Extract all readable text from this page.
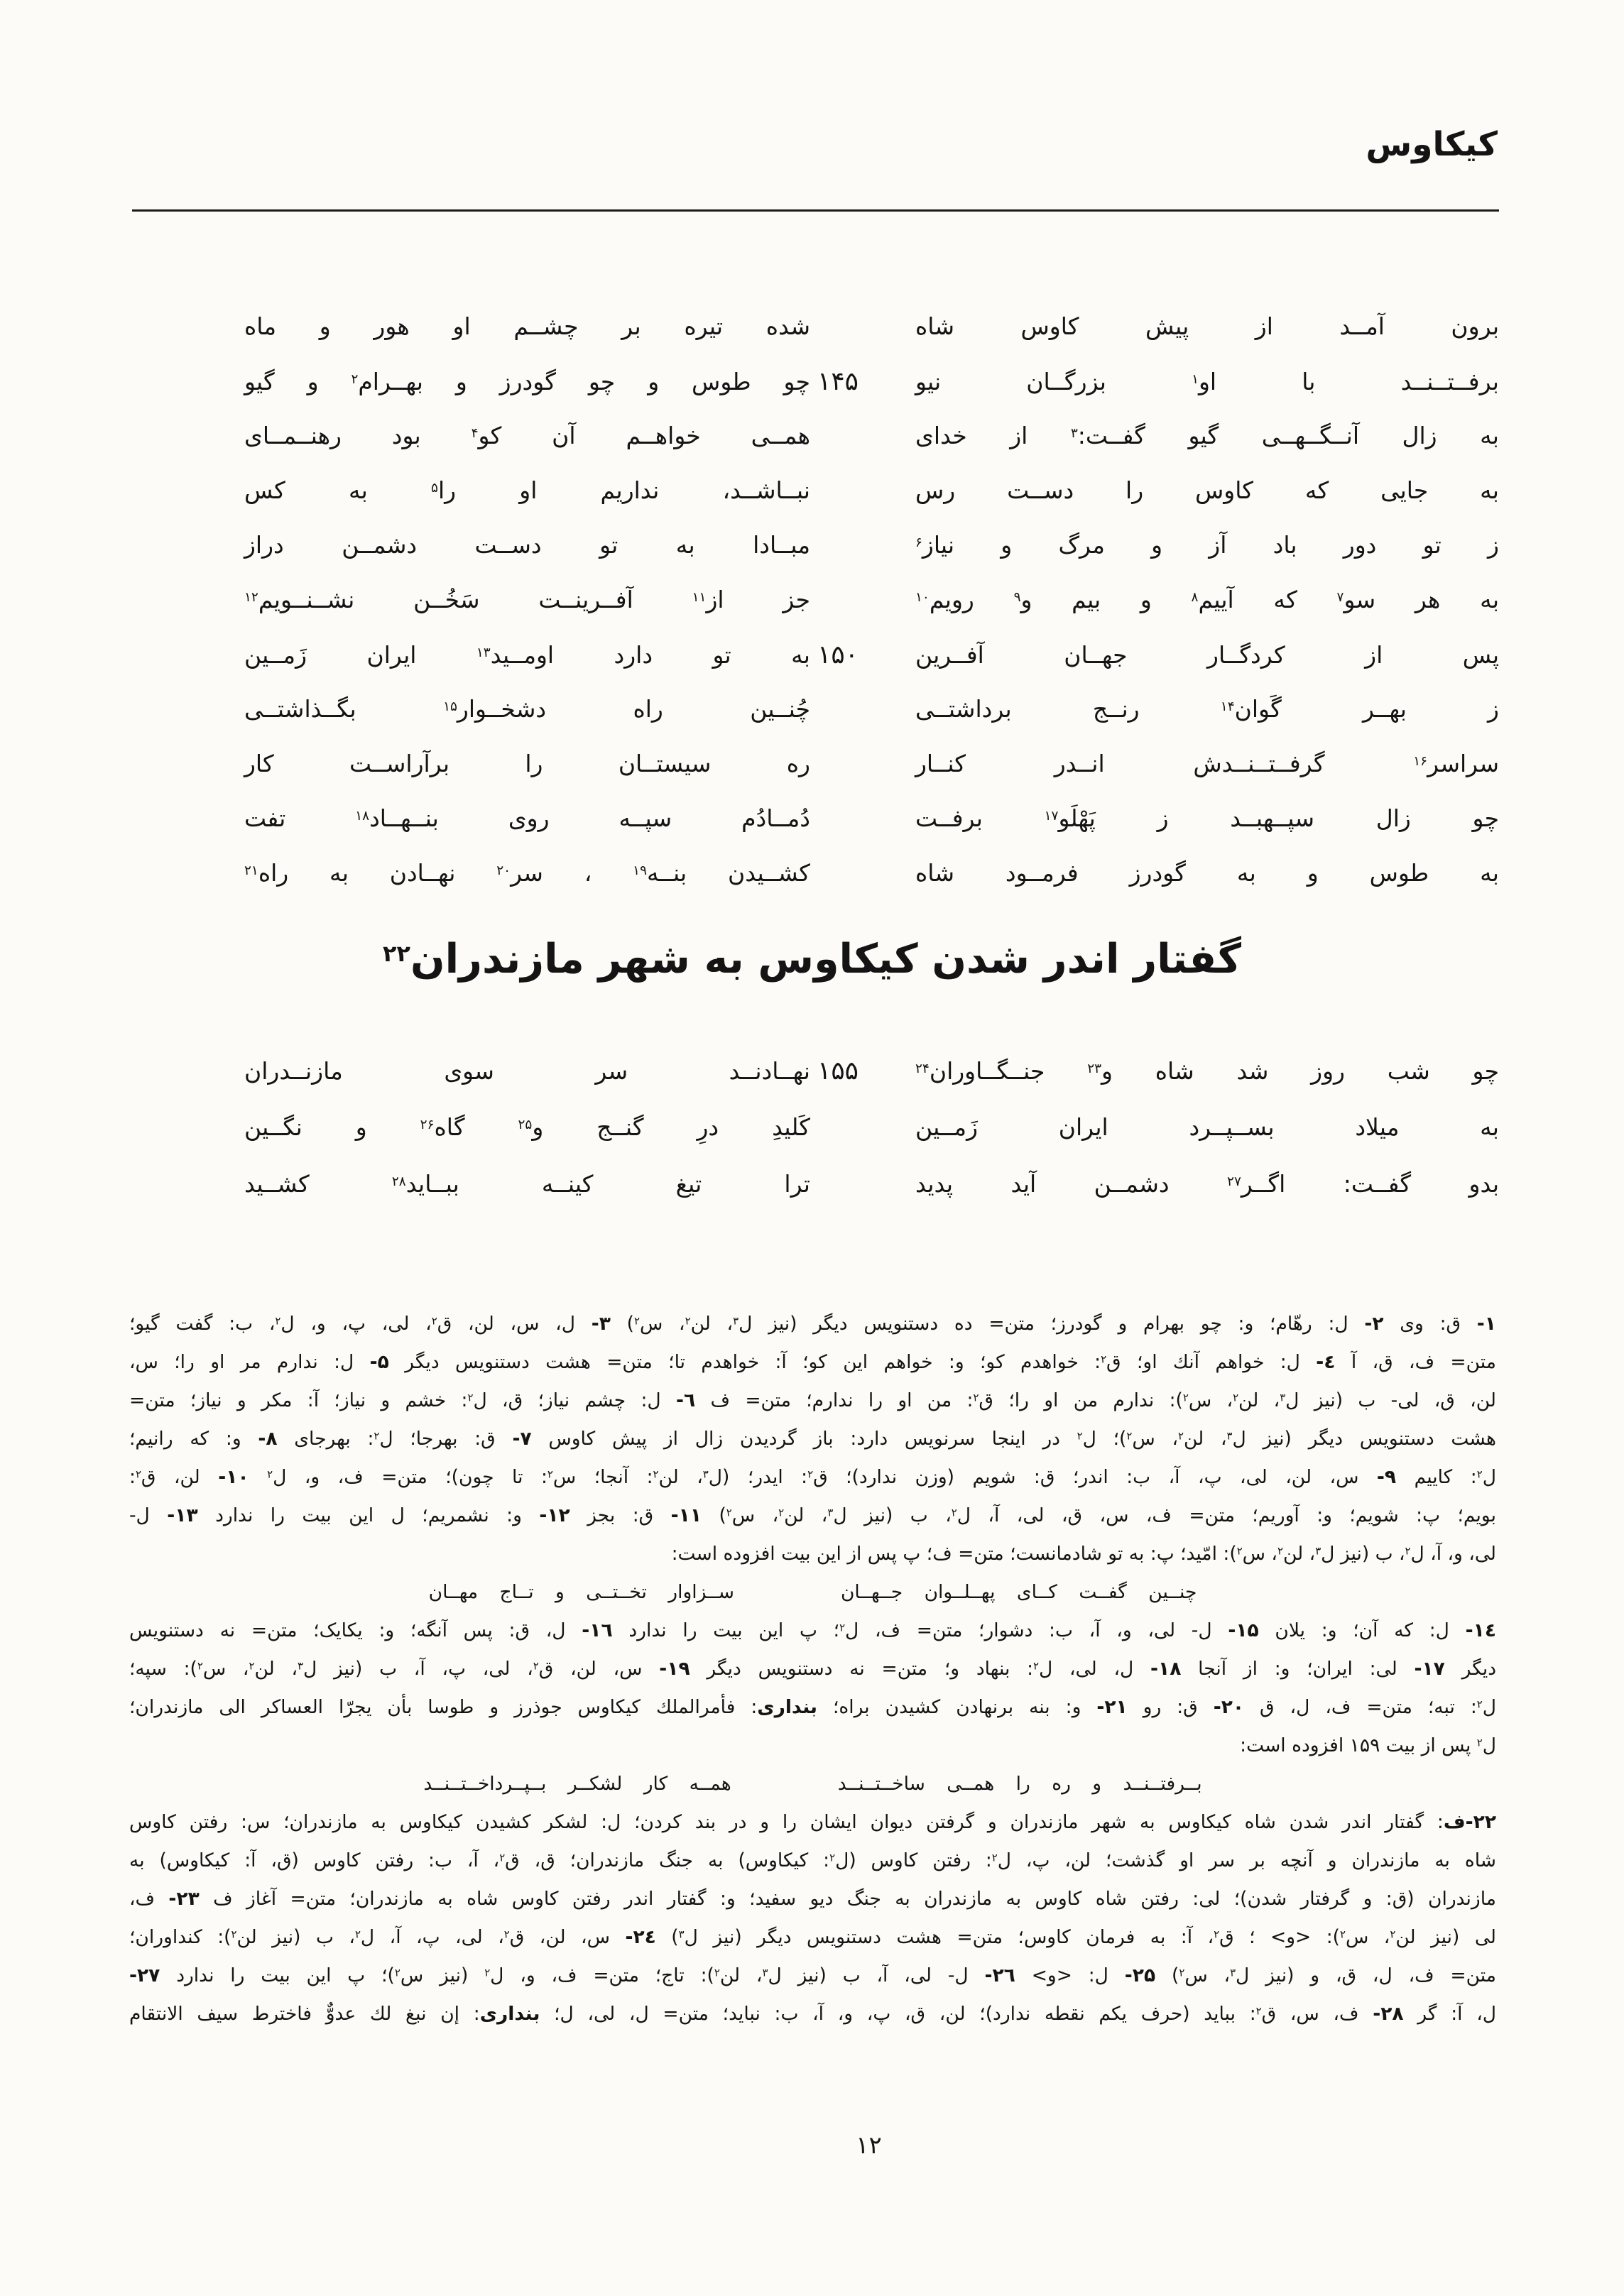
کیکاوس
برون آمــد از پیش کاوس شاه
شده تیره بر چشــم او هور و ماه
برفــتــنــد با او$^۱$ بزرگــان نیو
۱۴۵
چو طوس و چو گودرز و بهــرام$^۲$ و گیو
به زال آنــگــهــی گیو گفــت:$^۳$ از خدای
همــی خواهــم آن کو$^۴$ بود رهنــمــای
به جایی که کاوس را دســت رس
نبــاشــد، نداریم او را$^۵$ به کس
ز تو دور باد آز و مرگ و نیاز$^۶$
مبــادا به تو دســت دشمــن دراز
به هر سو$^۷$ که آییم$^۸$ و بیم و$^۹$ رویم$^{۱۰}$
جز از$^{۱۱}$ آفــرینــت سَخُــن نشــنــویم$^{۱۲}$
پس از کردگــار جهــان آفــرین
۱۵۰
به تو دارد اومــید$^{۱۳}$ ایران زَمــین
ز بهــر گَوان$^{۱۴}$ رنــج برداشتــی
چُنــین راه دشخــوار$^{۱۵}$ بگــذاشتــی
سراسر$^{۱۶}$ گرفــتــنــدش انــدر کنــار
ره سیستــان را برآراســت کار
چو زال سپــهبــد ز پَهْلَو$^{۱۷}$ برفــت
دُمــادُم سپــه روی بنــهــاد$^{۱۸}$ تفت
به طوس و به گودرز فرمــود شاه
کشــیدن بنــه$^{۱۹}$ ، سر$^{۲۰}$ نهــادن به راه$^{۲۱}$
گفتار اندر شدن کیکاوس به شهر مازندران$^{۲۲}$
چو شب روز شد شاه و$^{۲۳}$ جنــگــاوران$^{۲۴}$
۱۵۵
نهــادنــد سر سوی مازنــدران
به میلاد بســپــرد ایران زَمــین
کَلیدِ درِ گنــج و$^{۲۵}$ گاه$^{۲۶}$ و نگــین
بدو گفــت: اگــر$^{۲۷}$ دشمــن آید پدید
ترا تیغ کینــه ببــاید$^{۲۸}$ کشــید
۱- ق: وی ۲- ل: رهّام؛ و: چو بهرام و گودرز؛ متن= ده دستنویس دیگر (نیز ل$^۳$، لن$^۲$، س$^۲$) ۳- ل، س، لن، ق$^۲$، لی، پ، و، ل$^۲$، ب: گفت گیو؛
متن= ف، ق، آ ٤- ل: خواهم آنك او؛ ق$^۲$: خواهدم كو؛ و: خواهم این كو؛ آ: خواهدم تا؛ متن= هشت دستنویس دیگر ۵- ل: ندارم مر او را؛ س،
لن، ق، لی- ب (نیز ل$^۳$، لن$^۲$، س$^۲$): ندارم من او را؛ ق$^۲$: من او را ندارم؛ متن= ف ٦- ل: چشم نیاز؛ ق، ل$^۲$: خشم و نیاز؛ آ: مکر و نیاز؛ متن=
هشت دستنویس دیگر (نیز ل$^۳$، لن$^۲$، س$^۲$)؛ ل$^۲$ در اینجا سرنویس دارد: باز گردیدن زال از پیش کاوس ۷- ق: بهرجا؛ ل$^۲$: بهرجای ۸- و: که رانیم؛
ل$^۲$: کاییم ۹- س، لن، لی، پ، آ، ب: اندر؛ ق: شویم (وزن ندارد)؛ ق$^۲$: ایدر؛ (ل$^۳$، لن$^۲$: آنجا؛ س$^۲$: تا چون)؛ متن= ف، و، ل$^۲$ ۱۰- لن، ق$^۲$:
بویم؛ پ: شویم؛ و: آوریم؛ متن= ف، س، ق، لی، آ، ل$^۲$، ب (نیز ل$^۳$، لن$^۲$، س$^۲$) ۱۱- ق: بجز ۱۲- و: نشمریم؛ ل این بیت را ندارد ۱۳- ل-
لی، و، آ، ل$^۲$، ب (نیز ل$^۳$، لن$^۲$، س$^۲$): امّید؛ پ: به تو شادمانست؛ متن= ف؛ پ پس از این بیت افزوده است:
چنــین گفــت کــای پهــلــوان جــهــان
ســزاوار تخــتــی و تــاج مهــان
۱٤- ل: که آن؛ و: یلان ۱۵- ل- لی، و، آ، ب: دشوار؛ متن= ف، ل$^۲$؛ پ این بیت را ندارد ۱٦- ل، ق: پس آنگه؛ و: یکایک؛ متن= نه دستنویس
دیگر ۱۷- لی: ایران؛ و: از آنجا ۱۸- ل، لی، ل$^۲$: بنهاد و؛ متن= نه دستنویس دیگر ۱۹- س، لن، ق$^۲$، لی، پ، آ، ب (نیز ل$^۳$، لن$^۲$، س$^۲$): سپه؛
ل$^۲$: تبه؛ متن= ف، ل، ق ۲۰- ق: رو ۲۱- و: بنه برنهادن کشیدن براه؛ بنداری: فأمرالملك كیكاوس جوذرز و طوسا بأن یجرّا العساكر الی مازندران؛
ل$^۲$ پس از بیت ۱۵۹ افزوده است:
بــرفتــنــد و ره را همــی ساخــتــنــد
همــه کار لشکــر بــپــرداخــتــنــد
۲۲-ف: گفتار اندر شدن شاه کیکاوس به شهر مازندران و گرفتن دیوان ایشان را و در بند کردن؛ ل: لشکر کشیدن کیکاوس به مازندران؛ س: رفتن کاوس
شاه به مازندران و آنچه بر سر او گذشت؛ لن، پ، ل$^۲$: رفتن کاوس (ل$^۲$: کیکاوس) به جنگ مازندران؛ ق، ق$^۲$، آ، ب: رفتن کاوس (ق، آ: کیکاوس) به
مازندران (ق: و گرفتار شدن)؛ لی: رفتن شاه کاوس به مازندران به جنگ دیو سفید؛ و: گفتار اندر رفتن کاوس شاه به مازندران؛ متن= آغاز ف ۲۳- ف،
لی (نیز لن$^۲$، س$^۲$): <و> ؛ ق$^۲$، آ: به فرمان کاوس؛ متن= هشت دستنویس دیگر (نیز ل$^۳$) ۲٤- س، لن، ق$^۲$، لی، پ، آ، ل$^۲$، ب (نیز لن$^۲$): کنداوران؛
متن= ف، ل، ق، و (نیز ل$^۳$، س$^۲$) ۲۵- ل: <و> ۲٦- ل- لی، آ، ب (نیز ل$^۳$، لن$^۲$): تاج؛ متن= ف، و، ل$^۲$ (نیز س$^۲$)؛ پ این بیت را ندارد ۲۷-
ل، آ: گر ۲۸- ف، س، ق$^۲$: بباید (حرف یکم نقطه ندارد)؛ لن، ق، پ، و، آ، ب: نباید؛ متن= ل، لی، ل؛ بنداری: إن نبغ لك عدوٌّ فاخترط سیف الانتقام
۱۲
